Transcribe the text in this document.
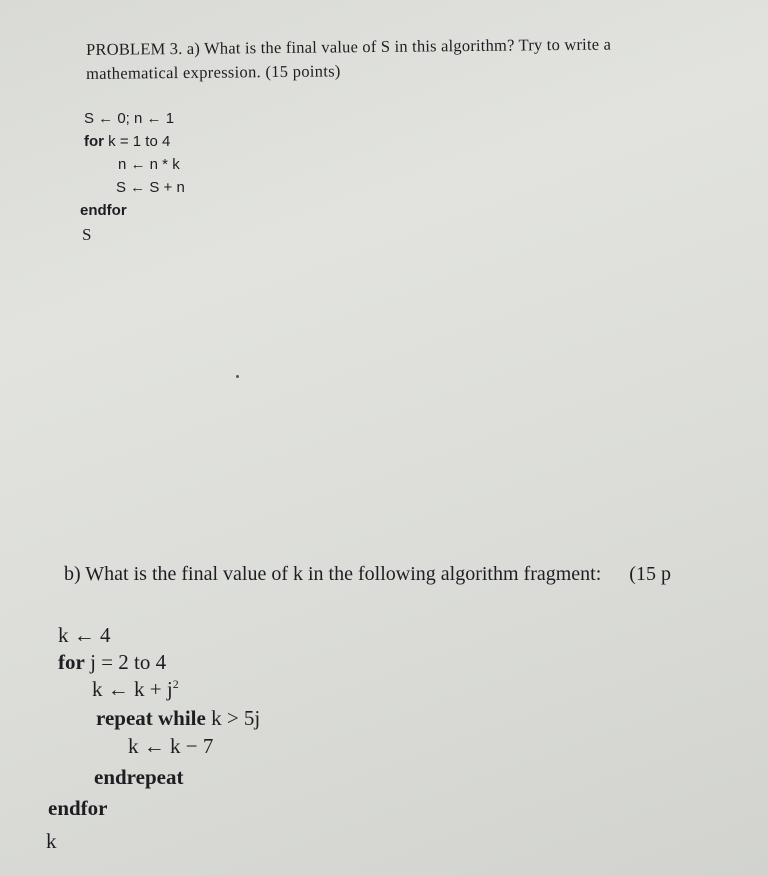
PROBLEM 3. a) What is the final value of S in this algorithm? Try to write a
mathematical expression. (15 points)
S ← 0; n ← 1
for k = 1 to 4
n ← n * k
S ← S + n
endfor
S
b) What is the final value of k in the following algorithm fragment: (15 p
k ← 4
for j = 2 to 4
k ← $k + j^2$
repeat while k > 5j
k ← k − 7
endrepeat
endfor
k
